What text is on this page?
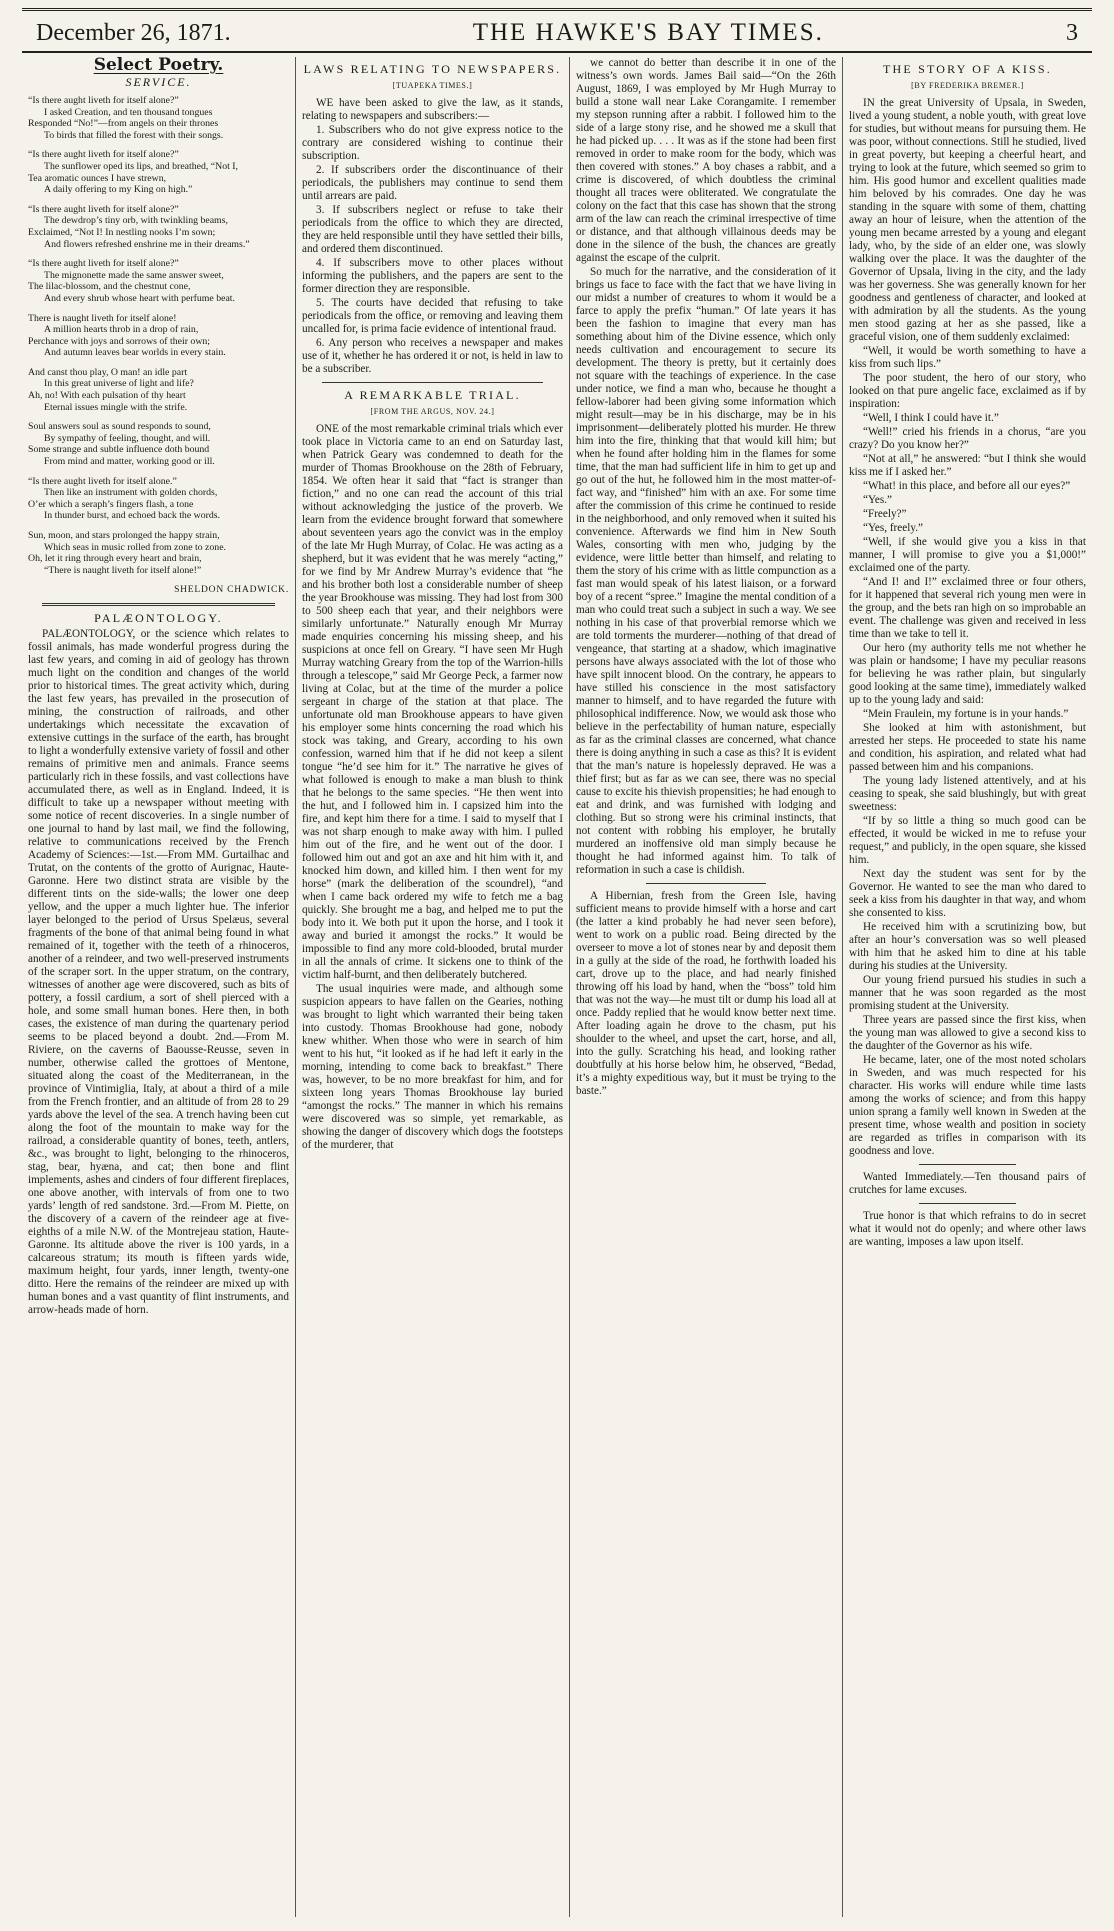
December 26, 1871.	THE HAWKE'S BAY TIMES.	3
Select Poetry.
SERVICE.
“Is there aught liveth for itself alone?”
I asked Creation, and ten thousand tongues
Responded “No!”—from angels on their thrones
To birds that filled the forest with their songs.
“Is there aught liveth for itself alone?”
The sunflower oped its lips, and breathed, “Not I,
Tea aromatic ounces I have strewn,
A daily offering to my King on high.”
“Is there aught liveth for itself alone?”
The dewdrop’s tiny orb, with twinkling beams,
Exclaimed, “Not I! In nestling nooks I’m sown;
And flowers refreshed enshrine me in their dreams.”
“Is there aught liveth for itself alone?”
The mignonette made the same answer sweet,
The lilac-blossom, and the chestnut cone,
And every shrub whose heart with perfume beat.
There is naught liveth for itself alone!
A million hearts throb in a drop of rain,
Perchance with joys and sorrows of their own;
And autumn leaves bear worlds in every stain.
And canst thou play, O man! an idle part
In this great universe of light and life?
Ah, no! With each pulsation of thy heart
Eternal issues mingle with the strife.
Soul answers soul as sound responds to sound,
By sympathy of feeling, thought, and will.
Some strange and subtle influence doth bound
From mind and matter, working good or ill.
“Is there aught liveth for itself alone.”
Then like an instrument with golden chords,
O’er which a seraph’s fingers flash, a tone
In thunder burst, and echoed back the words.
Sun, moon, and stars prolonged the happy strain,
Which seas in music rolled from zone to zone.
Oh, let it ring through every heart and brain,
“There is naught liveth for itself alone!”
SHELDON CHADWICK.
PALÆONTOLOGY.

PALÆONTOLOGY, or the science which relates to fossil animals, has made wonderful progress during the last few years, and coming in aid of geology has thrown much light on the condition and changes of the world prior to historical times. The great activity which, during the last few years, has prevailed in the prosecution of mining, the construction of railroads, and other undertakings which necessitate the excavation of extensive cuttings in the surface of the earth, has brought to light a wonderfully extensive variety of fossil and other remains of primitive men and animals. France seems particularly rich in these fossils, and vast collections have accumulated there, as well as in England. Indeed, it is difficult to take up a newspaper without meeting with some notice of recent discoveries. In a single number of one journal to hand by last mail, we find the following, relative to communications received by the French Academy of Sciences:—1st.—From MM. Gurtailhac and Trutat, on the contents of the grotto of Aurignac, Haute-Garonne. Here two distinct strata are visible by the different tints on the side-walls; the lower one deep yellow, and the upper a much lighter hue. The inferior layer belonged to the period of Ursus Spelæus, several fragments of the bone of that animal being found in what remained of it, together with the teeth of a rhinoceros, another of a reindeer, and two well-preserved instruments of the scraper sort. In the upper stratum, on the contrary, witnesses of another age were discovered, such as bits of pottery, a fossil cardium, a sort of shell pierced with a hole, and some small human bones. Here then, in both cases, the existence of man during the quartenary period seems to be placed beyond a doubt. 2nd.—From M. Riviere, on the caverns of Baousse-Reusse, seven in number, otherwise called the grottoes of Mentone, situated along the coast of the Mediterranean, in the province of Vintimiglia, Italy, at about a third of a mile from the French frontier, and an altitude of from 28 to 29 yards above the level of the sea. A trench having been cut along the foot of the mountain to make way for the railroad, a considerable quantity of bones, teeth, antlers, &c., was brought to light, belonging to the rhinoceros, stag, bear, hyæna, and cat; then bone and flint implements, ashes and cinders of four different fireplaces, one above another, with intervals of from one to two yards’ length of red sandstone. 3rd.—From M. Piette, on the discovery of a cavern of the reindeer age at five-eighths of a mile N.W. of the Montrejeau station, Haute-Garonne. Its altitude above the river is 100 yards, in a calcareous stratum; its mouth is fifteen yards wide, maximum height, four yards, inner length, twenty-one ditto. Here the remains of the reindeer are mixed up with human bones and a vast quantity of flint instruments, and arrow-heads made of horn.

LAWS RELATING TO NEWSPAPERS.
[TUAPEKA TIMES.]

WE have been asked to give the law, as it stands, relating to newspapers and subscribers:—

1. Subscribers who do not give express notice to the contrary are considered wishing to continue their subscription.

2. If subscribers order the discontinuance of their periodicals, the publishers may continue to send them until arrears are paid.

3. If subscribers neglect or refuse to take their periodicals from the office to which they are directed, they are held responsible until they have settled their bills, and ordered them discontinued.

4. If subscribers move to other places without informing the publishers, and the papers are sent to the former direction they are responsible.

5. The courts have decided that refusing to take periodicals from the office, or removing and leaving them uncalled for, is prima facie evidence of intentional fraud.

6. Any person who receives a newspaper and makes use of it, whether he has ordered it or not, is held in law to be a subscriber.

A REMARKABLE TRIAL.
[FROM THE ARGUS, NOV. 24.]

ONE of the most remarkable criminal trials which ever took place in Victoria came to an end on Saturday last, when Patrick Geary was condemned to death for the murder of Thomas Brookhouse on the 28th of February, 1854. We often hear it said that “fact is stranger than fiction,” and no one can read the account of this trial without acknowledging the justice of the proverb. We learn from the evidence brought forward that somewhere about seventeen years ago the convict was in the employ of the late Mr Hugh Murray, of Colac. He was acting as a shepherd, but it was evident that he was merely “acting,” for we find by Mr Andrew Murray’s evidence that “he and his brother both lost a considerable number of sheep the year Brookhouse was missing. They had lost from 300 to 500 sheep each that year, and their neighbors were similarly unfortunate.” Naturally enough Mr Murray made enquiries concerning his missing sheep, and his suspicions at once fell on Greary. “I have seen Mr Hugh Murray watching Greary from the top of the Warrion-hills through a telescope,” said Mr George Peck, a farmer now living at Colac, but at the time of the murder a police sergeant in charge of the station at that place. The unfortunate old man Brookhouse appears to have given his employer some hints concerning the road which his stock was taking, and Greary, according to his own confession, warned him that if he did not keep a silent tongue “he’d see him for it.” The narrative he gives of what followed is enough to make a man blush to think that he belongs to the same species. “He then went into the hut, and I followed him in. I capsized him into the fire, and kept him there for a time. I said to myself that I was not sharp enough to make away with him. I pulled him out of the fire, and he went out of the door. I followed him out and got an axe and hit him with it, and knocked him down, and killed him. I then went for my horse” (mark the deliberation of the scoundrel), “and when I came back ordered my wife to fetch me a bag quickly. She brought me a bag, and helped me to put the body into it. We both put it upon the horse, and I took it away and buried it amongst the rocks.” It would be impossible to find any more cold-blooded, brutal murder in all the annals of crime. It sickens one to think of the victim half-burnt, and then deliberately butchered.

The usual inquiries were made, and although some suspicion appears to have fallen on the Gearies, nothing was brought to light which warranted their being taken into custody. Thomas Brookhouse had gone, nobody knew whither. When those who were in search of him went to his hut, “it looked as if he had left it early in the morning, intending to come back to breakfast.” There was, however, to be no more breakfast for him, and for sixteen long years Thomas Brookhouse lay buried “amongst the rocks.” The manner in which his remains were discovered was so simple, yet remarkable, as showing the danger of discovery which dogs the footsteps of the murderer, that

we cannot do better than describe it in one of the witness’s own words. James Bail said—“On the 26th August, 1869, I was employed by Mr Hugh Murray to build a stone wall near Lake Corangamite. I remember my stepson running after a rabbit. I followed him to the side of a large stony rise, and he showed me a skull that he had picked up. . . . It was as if the stone had been first removed in order to make room for the body, which was then covered with stones.” A boy chases a rabbit, and a crime is discovered, of which doubtless the criminal thought all traces were obliterated. We congratulate the colony on the fact that this case has shown that the strong arm of the law can reach the criminal irrespective of time or distance, and that although villainous deeds may be done in the silence of the bush, the chances are greatly against the escape of the culprit.

So much for the narrative, and the consideration of it brings us face to face with the fact that we have living in our midst a number of creatures to whom it would be a farce to apply the prefix “human.” Of late years it has been the fashion to imagine that every man has something about him of the Divine essence, which only needs cultivation and encouragement to secure its development. The theory is pretty, but it certainly does not square with the teachings of experience. In the case under notice, we find a man who, because he thought a fellow-laborer had been giving some information which might result—may be in his discharge, may be in his imprisonment—deliberately plotted his murder. He threw him into the fire, thinking that that would kill him; but when he found after holding him in the flames for some time, that the man had sufficient life in him to get up and go out of the hut, he followed him in the most matter-of-fact way, and “finished” him with an axe. For some time after the commission of this crime he continued to reside in the neighborhood, and only removed when it suited his convenience. Afterwards we find him in New South Wales, consorting with men who, judging by the evidence, were little better than himself, and relating to them the story of his crime with as little compunction as a fast man would speak of his latest liaison, or a forward boy of a recent “spree.” Imagine the mental condition of a man who could treat such a subject in such a way. We see nothing in his case of that proverbial remorse which we are told torments the murderer—nothing of that dread of vengeance, that starting at a shadow, which imaginative persons have always associated with the lot of those who have spilt innocent blood. On the contrary, he appears to have stilled his conscience in the most satisfactory manner to himself, and to have regarded the future with philosophical indifference. Now, we would ask those who believe in the perfectability of human nature, especially as far as the criminal classes are concerned, what chance there is doing anything in such a case as this? It is evident that the man’s nature is hopelessly depraved. He was a thief first; but as far as we can see, there was no special cause to excite his thievish propensities; he had enough to eat and drink, and was furnished with lodging and clothing. But so strong were his criminal instincts, that not content with robbing his employer, he brutally murdered an inoffensive old man simply because he thought he had informed against him. To talk of reformation in such a case is childish.

A Hibernian, fresh from the Green Isle, having sufficient means to provide himself with a horse and cart (the latter a kind probably he had never seen before), went to work on a public road. Being directed by the overseer to move a lot of stones near by and deposit them in a gully at the side of the road, he forthwith loaded his cart, drove up to the place, and had nearly finished throwing off his load by hand, when the “boss” told him that was not the way—he must tilt or dump his load all at once. Paddy replied that he would know better next time. After loading again he drove to the chasm, put his shoulder to the wheel, and upset the cart, horse, and all, into the gully. Scratching his head, and looking rather doubtfully at his horse below him, he observed, “Bedad, it’s a mighty expeditious way, but it must be trying to the baste.”

THE STORY OF A KISS.
[BY FREDERIKA BREMER.]

IN the great University of Upsala, in Sweden, lived a young student, a noble youth, with great love for studies, but without means for pursuing them. He was poor, without connections. Still he studied, lived in great poverty, but keeping a cheerful heart, and trying to look at the future, which seemed so grim to him. His good humor and excellent qualities made him beloved by his comrades. One day he was standing in the square with some of them, chatting away an hour of leisure, when the attention of the young men became arrested by a young and elegant lady, who, by the side of an elder one, was slowly walking over the place. It was the daughter of the Governor of Upsala, living in the city, and the lady was her governess. She was generally known for her goodness and gentleness of character, and looked at with admiration by all the students. As the young men stood gazing at her as she passed, like a graceful vision, one of them suddenly exclaimed:

“Well, it would be worth something to have a kiss from such lips.”

The poor student, the hero of our story, who looked on that pure angelic face, exclaimed as if by inspiration:

“Well, I think I could have it.”

“Well!” cried his friends in a chorus, “are you crazy? Do you know her?”

“Not at all,” he answered: “but I think she would kiss me if I asked her.”

“What! in this place, and before all our eyes?”

“Yes.”

“Freely?”

“Yes, freely.”

“Well, if she would give you a kiss in that manner, I will promise to give you a $1,000!” exclaimed one of the party.

“And I! and I!” exclaimed three or four others, for it happened that several rich young men were in the group, and the bets ran high on so improbable an event. The challenge was given and received in less time than we take to tell it.

Our hero (my authority tells me not whether he was plain or handsome; I have my peculiar reasons for believing he was rather plain, but singularly good looking at the same time), immediately walked up to the young lady and said:

“Mein Fraulein, my fortune is in your hands.”

She looked at him with astonishment, but arrested her steps. He proceeded to state his name and condition, his aspiration, and related what had passed between him and his companions.

The young lady listened attentively, and at his ceasing to speak, she said blushingly, but with great sweetness:

“If by so little a thing so much good can be effected, it would be wicked in me to refuse your request,” and publicly, in the open square, she kissed him.

Next day the student was sent for by the Governor. He wanted to see the man who dared to seek a kiss from his daughter in that way, and whom she consented to kiss.

He received him with a scrutinizing bow, but after an hour’s conversation was so well pleased with him that he asked him to dine at his table during his studies at the University.

Our young friend pursued his studies in such a manner that he was soon regarded as the most promising student at the University.

Three years are passed since the first kiss, when the young man was allowed to give a second kiss to the daughter of the Governor as his wife.

He became, later, one of the most noted scholars in Sweden, and was much respected for his character. His works will endure while time lasts among the works of science; and from this happy union sprang a family well known in Sweden at the present time, whose wealth and position in society are regarded as trifles in comparison with its goodness and love.

Wanted Immediately.—Ten thousand pairs of crutches for lame excuses.

True honor is that which refrains to do in secret what it would not do openly; and where other laws are wanting, imposes a law upon itself.
